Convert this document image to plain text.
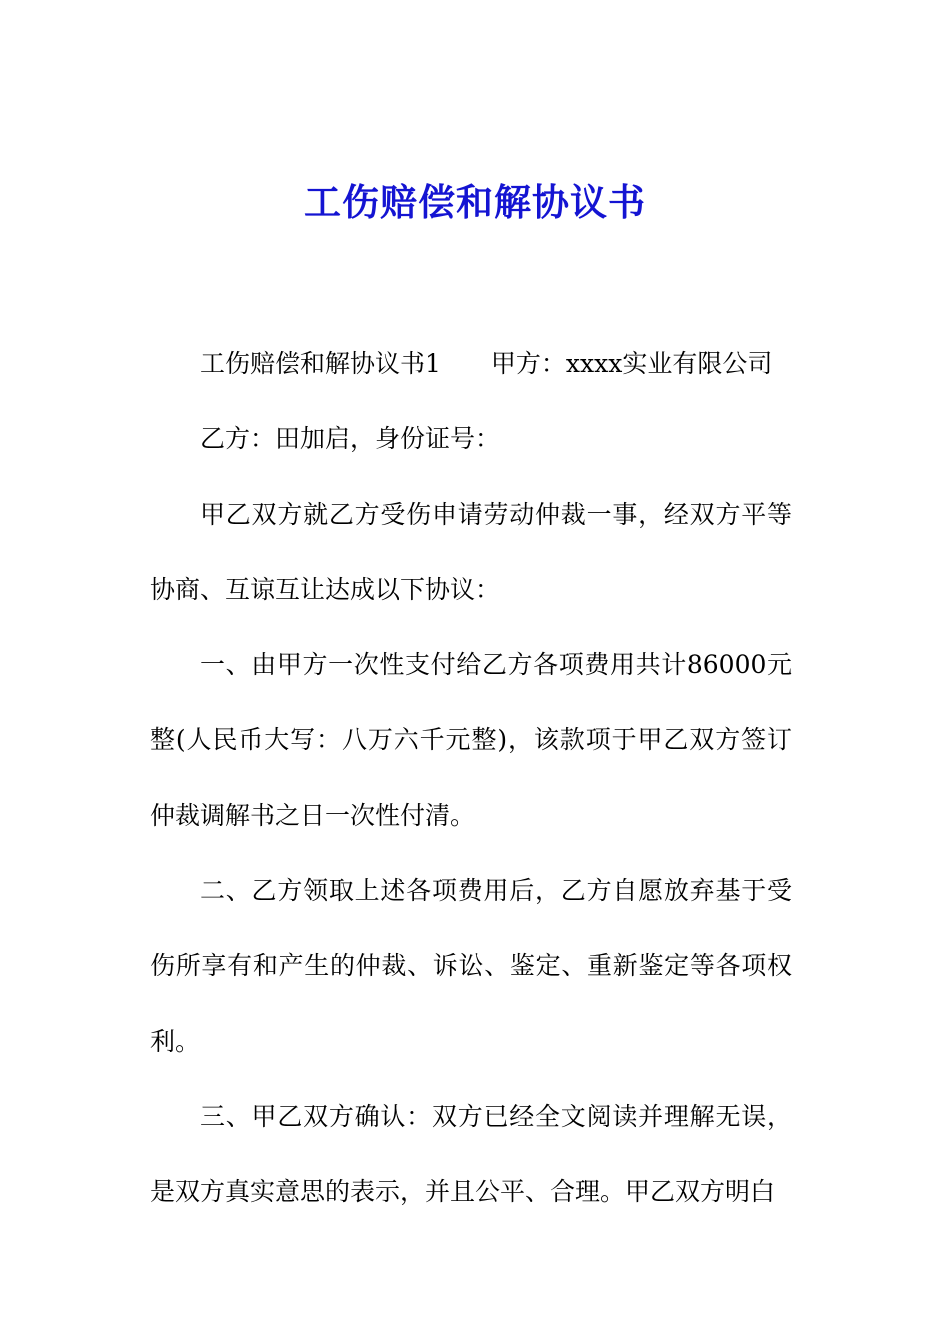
工伤赔偿和解协议书

工伤赔偿和解协议书1 甲方：xxxx实业有限公司

乙方：田加启，身份证号：

甲乙双方就乙方受伤申请劳动仲裁一事，经双方平等协商、互谅互让达成以下协议：

一、由甲方一次性支付给乙方各项费用共计86000元整(人民币大写：八万六千元整)，该款项于甲乙双方签订仲裁调解书之日一次性付清。

二、乙方领取上述各项费用后，乙方自愿放弃基于受伤所享有和产生的仲裁、诉讼、鉴定、重新鉴定等各项权利。

三、甲乙双方确认：双方已经全文阅读并理解无误，是双方真实意思的表示，并且公平、合理。甲乙双方明白
